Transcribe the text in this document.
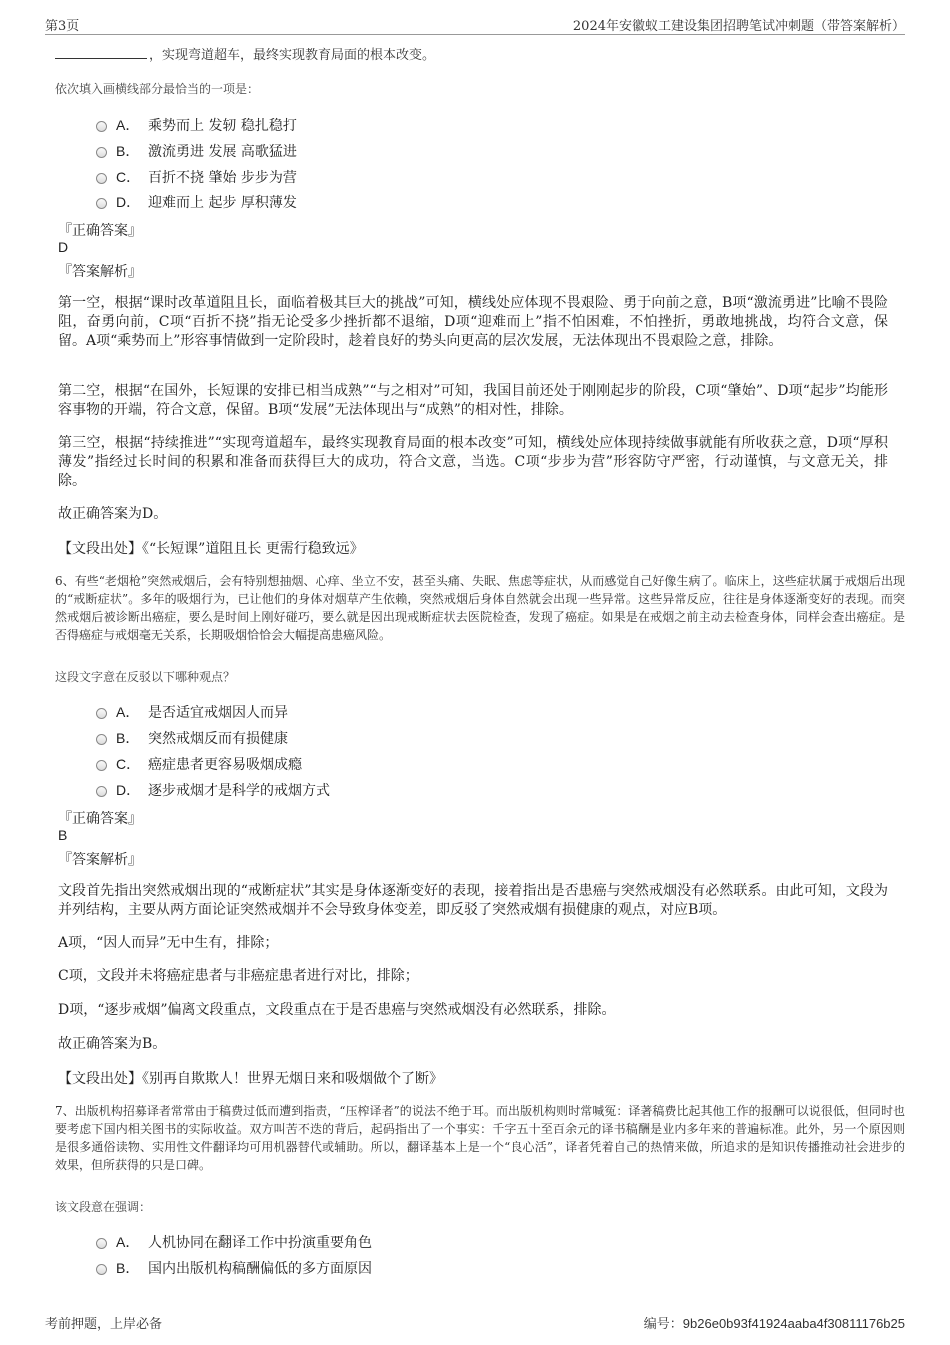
第3页	2024年安徽蚁工建设集团招聘笔试冲刺题（带答案解析）
，实现弯道超车，最终实现教育局面的根本改变。
依次填入画横线部分最恰当的一项是：
A． 乘势而上 发轫 稳扎稳打
B． 激流勇进 发展 高歌猛进
C． 百折不挠 肇始 步步为营
D． 迎难而上 起步 厚积薄发
『正确答案』
D
『答案解析』
第一空，根据“课时改革道阻且长，面临着极其巨大的挑战”可知，横线处应体现不畏艰险、勇于向前之意，B项“激流勇进”比喻不畏险阻，奋勇向前，C项“百折不挠”指无论受多少挫折都不退缩，D项“迎难而上”指不怕困难，不怕挫折，勇敢地挑战，均符合文意，保留。A项“乘势而上”形容事情做到一定阶段时，趁着良好的势头向更高的层次发展，无法体现出不畏艰险之意，排除。
第二空，根据“在国外，长短课的安排已相当成熟”“与之相对”可知，我国目前还处于刚刚起步的阶段，C项“肇始”、D项“起步”均能形容事物的开端，符合文意，保留。B项“发展”无法体现出与“成熟”的相对性，排除。
第三空，根据“持续推进”“实现弯道超车，最终实现教育局面的根本改变”可知，横线处应体现持续做事就能有所收获之意，D项“厚积薄发”指经过长时间的积累和准备而获得巨大的成功，符合文意，当选。C项“步步为营”形容防守严密，行动谨慎，与文意无关，排除。
故正确答案为D。
【文段出处】《“长短课”道阻且长 更需行稳致远》
6、有些“老烟枪”突然戒烟后，会有特别想抽烟、心痒、坐立不安，甚至头痛、失眠、焦虑等症状，从而感觉自己好像生病了。临床上，这些症状属于戒烟后出现的“戒断症状”。多年的吸烟行为，已让他们的身体对烟草产生依赖，突然戒烟后身体自然就会出现一些异常。这些异常反应，往往是身体逐渐变好的表现。而突然戒烟后被诊断出癌症，要么是时间上刚好碰巧，要么就是因出现戒断症状去医院检查，发现了癌症。如果是在戒烟之前主动去检查身体，同样会查出癌症。是否得癌症与戒烟毫无关系，长期吸烟恰恰会大幅提高患癌风险。
这段文字意在反驳以下哪种观点？
A． 是否适宜戒烟因人而异
B． 突然戒烟反而有损健康
C． 癌症患者更容易吸烟成瘾
D． 逐步戒烟才是科学的戒烟方式
『正确答案』
B
『答案解析』
文段首先指出突然戒烟出现的“戒断症状”其实是身体逐渐变好的表现，接着指出是否患癌与突然戒烟没有必然联系。由此可知，文段为并列结构，主要从两方面论证突然戒烟并不会导致身体变差，即反驳了突然戒烟有损健康的观点，对应B项。
A项，“因人而异”无中生有，排除；
C项，文段并未将癌症患者与非癌症患者进行对比，排除；
D项，“逐步戒烟”偏离文段重点，文段重点在于是否患癌与突然戒烟没有必然联系，排除。
故正确答案为B。
【文段出处】《别再自欺欺人！世界无烟日来和吸烟做个了断》
7、出版机构招募译者常常由于稿费过低而遭到指责，“压榨译者”的说法不绝于耳。而出版机构则时常喊冤：译著稿费比起其他工作的报酬可以说很低，但同时也要考虑下国内相关图书的实际收益。双方叫苦不迭的背后，起码指出了一个事实：千字五十至百余元的译书稿酬是业内多年来的普遍标准。此外，另一个原因则是很多通俗读物、实用性文件翻译均可用机器替代或辅助。所以，翻译基本上是一个“良心活”，译者凭着自己的热情来做，所追求的是知识传播推动社会进步的效果，但所获得的只是口碑。
该文段意在强调：
A． 人机协同在翻译工作中扮演重要角色
B． 国内出版机构稿酬偏低的多方面原因
考前押题，上岸必备	编号：9b26e0b93f41924aaba4f30811176b25
